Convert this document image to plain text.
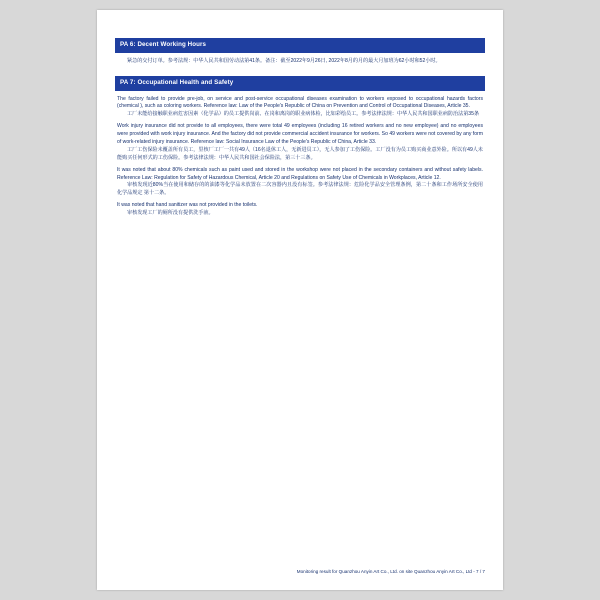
PA 6: Decent Working Hours

紧急的交付订单。参考法规：中华人民共和国劳动法第41条。备注：截至2022年9月26日, 2022年8月的月的最大月加班为62小时和52小时。

PA 7: Occupational Health and Safety

The factory failed to provide pre-job, on service and post-service occupational diseases examination to workers exposed to occupational hazards factors (chemical ), such as coloring workers. Reference law: Law of the People's Republic of China on Prevention and Control of Occupational Diseases, Article 35.

工厂未能给接触职业病危害因素（化学品）的员工提供岗前、在岗和离岗的职业病体检，比如彩绘员工。参考法律法规：中华人民共和国职业病防治法第35条

Work injury insurance did not provide to all employees, there were total 49 employees (including 16 retired workers and no new employee) and no employees were provided with work injury insurance. And the factory did not provide commercial accident insurance for workers. So 49 workers were not covered by any form of work-related injury insurance. Reference law: Social Insurance Law of the People's Republic of China, Article 33.

工厂工伤保险未覆盖所有员工，里核厂工厂一共有49人（16名退休工人，无新进员工），无人参加了工伤保险。工厂没有为员工购买商业意外险。所以有49人未能购买任何形式的工伤保险。参考法律法规：中华人民共和国社会保险法，第三十三条。

It was noted that about 80% chemicals such as paint used and stored in the workshop were not placed in the secondary containers and without safety labels. Reference Law: Regulation for Safety of Hazardous Chemical, Article 20 and Regulations on Safety Use of Chemicals in Workplaces, Article 12.

审核发现近80%当在使用和储存的的油漆等化学品未放置在二次容器内且没有标签。参考法律法规：危险化学品安全管理条例，第二十条和工作场所安全使用化学品规定 第十二条。

It was noted that hand sanitizer was not provided in the toilets.

审核发现工厂的厕所没有提供洗手液。

Monitoring result for Quanzhou Anyin Art Co., Ltd. on site Quanzhou Anyin Art Co., Ltd - 7 / 7
